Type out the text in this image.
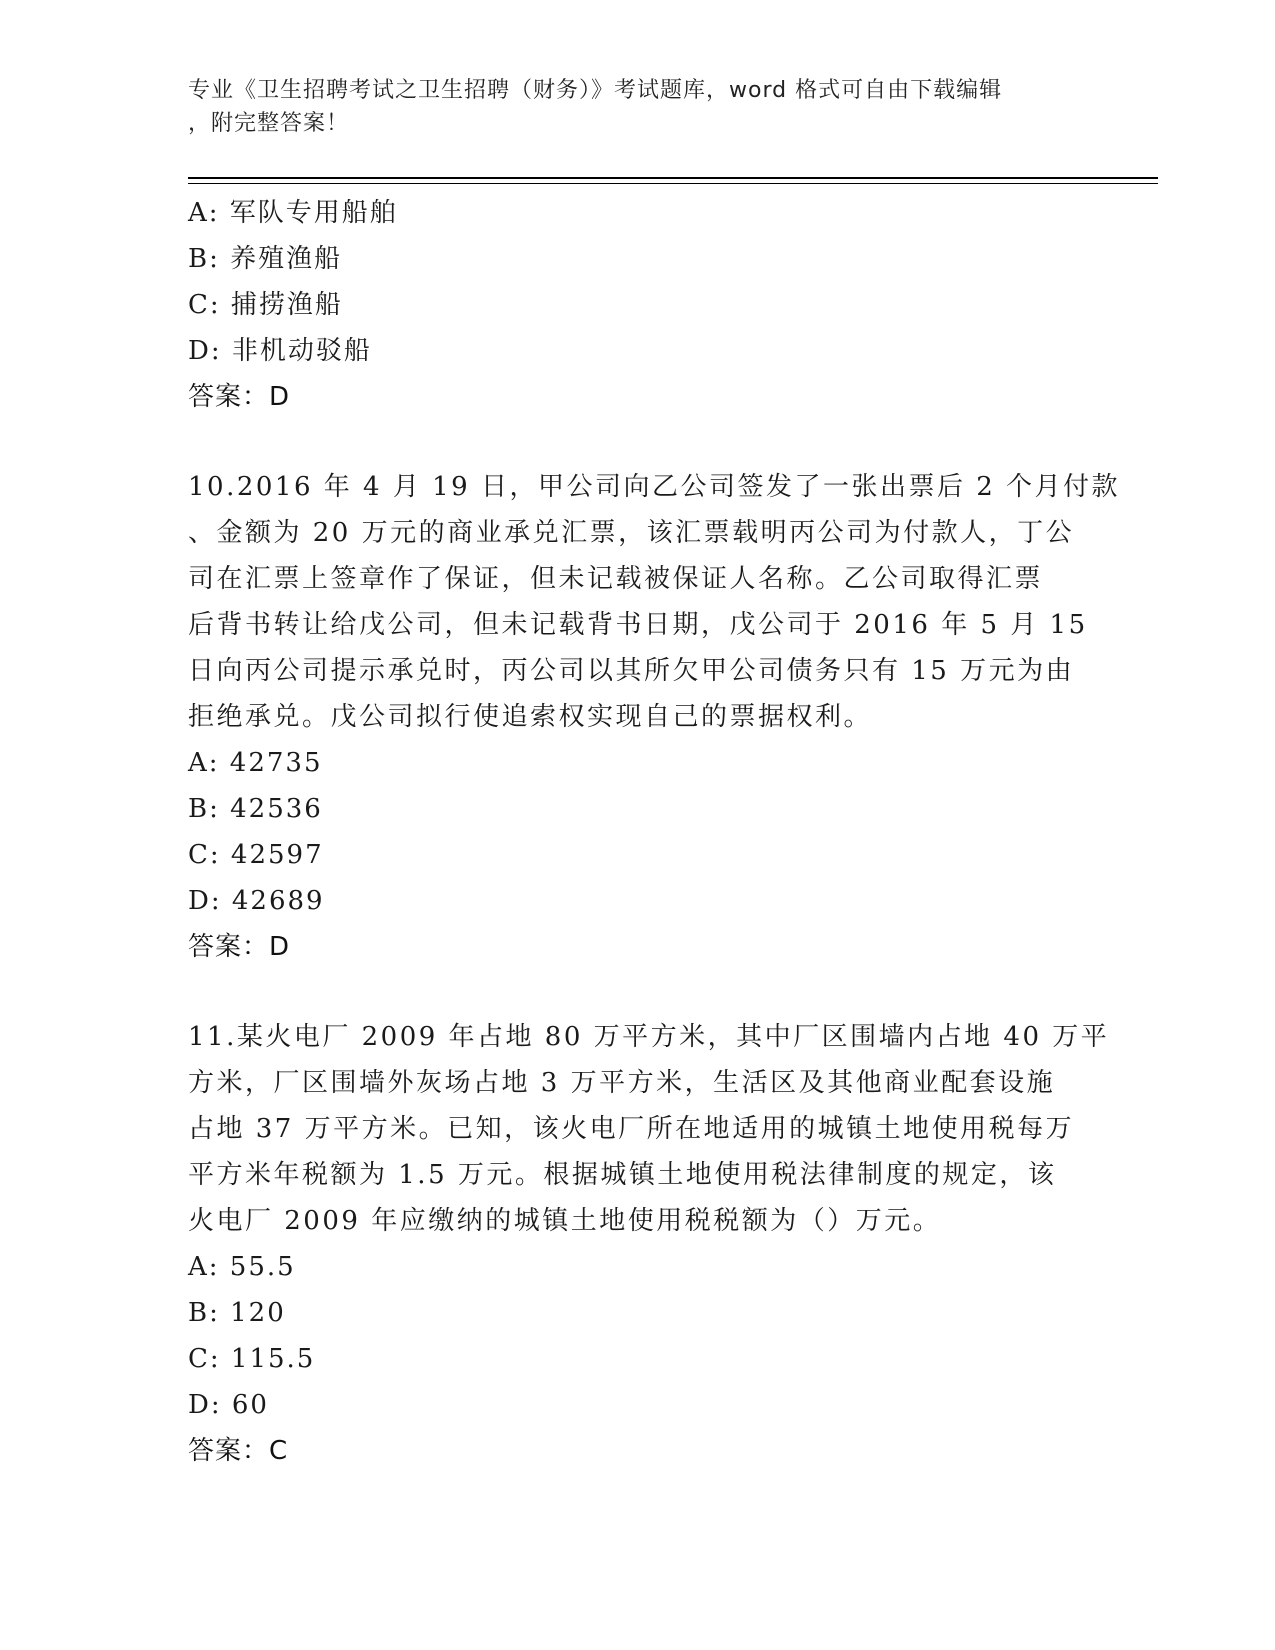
专业《卫生招聘考试之卫生招聘（财务）》考试题库，word 格式可自由下载编辑
，附完整答案！
A: 军队专用船舶
B: 养殖渔船
C: 捕捞渔船
D: 非机动驳船
答案：D
10.2016 年 4 月 19 日，甲公司向乙公司签发了一张出票后 2 个月付款
、金额为 20 万元的商业承兑汇票，该汇票载明丙公司为付款人，丁公
司在汇票上签章作了保证，但未记载被保证人名称。乙公司取得汇票
后背书转让给戊公司，但未记载背书日期，戊公司于 2016 年 5 月 15
日向丙公司提示承兑时，丙公司以其所欠甲公司债务只有 15 万元为由
拒绝承兑。戊公司拟行使追索权实现自己的票据权利。
A: 42735
B: 42536
C: 42597
D: 42689
答案：D
11.某火电厂 2009 年占地 80 万平方米，其中厂区围墙内占地 40 万平
方米，厂区围墙外灰场占地 3 万平方米，生活区及其他商业配套设施
占地 37 万平方米。已知，该火电厂所在地适用的城镇土地使用税每万
平方米年税额为 1.5 万元。根据城镇土地使用税法律制度的规定，该
火电厂 2009 年应缴纳的城镇土地使用税税额为（）万元。
A: 55.5
B: 120
C: 115.5
D: 60
答案：C
